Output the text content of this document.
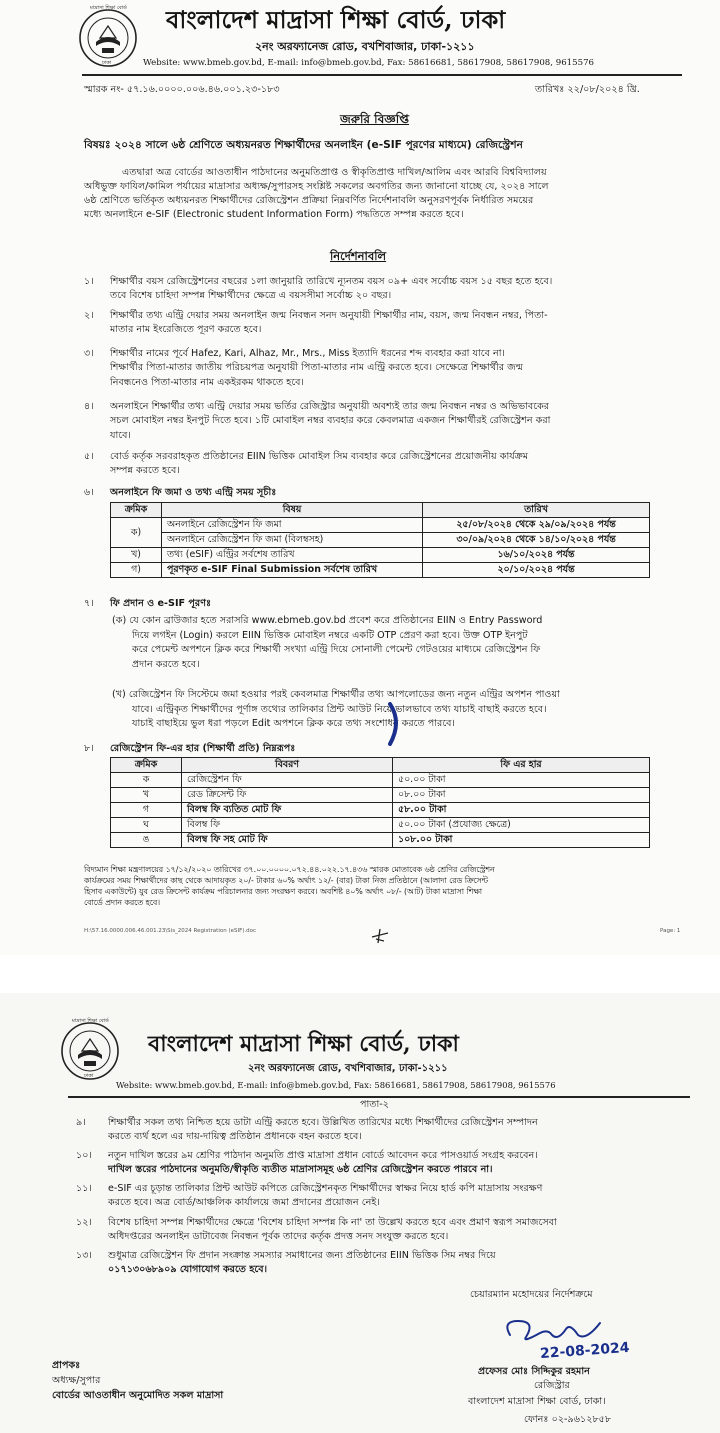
মাদ্রাসা শিক্ষা বোর্ড
ঢাকা
বাংলাদেশ মাদ্রাসা শিক্ষা বোর্ড, ঢাকা
২নং অরফ্যানেজ রোড, বখশিবাজার, ঢাকা-১২১১
Website: www.bmeb.gov.bd, E-mail: info@bmeb.gov.bd, Fax: 58616681, 58617908, 58617908, 9615576
স্মারক নং- ৫৭.১৬.০০০০.০০৬.৪৬.০০১.২৩-১৮৩	তারিখঃ ২২/০৮/২০২৪ খ্রি.
জরুরি বিজ্ঞপ্তি
বিষয়ঃ ২০২৪ সালে ৬ষ্ঠ শ্রেণিতে অধ্যয়নরত শিক্ষার্থীদের অনলাইন (e-SIF পূরণের মাধ্যমে) রেজিস্ট্রেশন
এতদ্বারা অত্র বোর্ডের আওতাধীন পাঠদানের অনুমতিপ্রাপ্ত ও স্বীকৃতিপ্রাপ্ত দাখিল/আলিম এবং আরবি বিশ্ববিদ্যালয়
অধিভুক্ত ফাযিল/কামিল পর্যায়ের মাদ্রাসার অধ্যক্ষ/সুপারসহ সংশ্লিষ্ট সকলের অবগতির জন্য জানানো যাচ্ছে যে, ২০২৪ সালে
৬ষ্ঠ শ্রেণিতে ভর্তিকৃত অধ্যয়নরত শিক্ষার্থীদের রেজিস্ট্রেশন প্রক্রিয়া নিম্নবর্ণিত নির্দেশনাবলি অনুসরণপূর্বক নির্ধারিত সময়ের
মধ্যে অনলাইনে e-SIF (Electronic student Information Form) পদ্ধতিতে সম্পন্ন করতে হবে।
নির্দেশনাবলি
১।	শিক্ষার্থীর বয়স রেজিস্ট্রেশনের বছরের ১লা জানুয়ারি তারিখে ন্যূনতম বয়স ০৯+ এবং সর্বোচ্চ বয়স ১৫ বছর হতে হবে।
তবে বিশেষ চাহিদা সম্পন্ন শিক্ষার্থীদের ক্ষেত্রে এ বয়সসীমা সর্বোচ্চ ২০ বছর।
২।	শিক্ষার্থীর তথ্য এন্ট্রি দেয়ার সময় অনলাইন জন্ম নিবন্ধন সনদ অনুযায়ী শিক্ষার্থীর নাম, বয়স, জন্ম নিবন্ধন নম্বর, পিতা-
মাতার নাম ইংরেজিতে পূরণ করতে হবে।
৩।	শিক্ষার্থীর নামের পূর্বে Hafez, Kari, Alhaz, Mr., Mrs., Miss ইত্যাদি ধরনের শব্দ ব্যবহার করা যাবে না।
শিক্ষার্থীর পিতা-মাতার জাতীয় পরিচয়পত্র অনুযায়ী পিতা-মাতার নাম এন্ট্রি করতে হবে। সেক্ষেত্রে শিক্ষার্থীর জন্ম
নিবন্ধনেও পিতা-মাতার নাম একইরকম থাকতে হবে।
৪।	অনলাইনে শিক্ষার্থীর তথ্য এন্ট্রি দেয়ার সময় ভর্তির রেজিস্ট্রার অনুযায়ী অবশ্যই তার জন্ম নিবন্ধন নম্বর ও অভিভাবকের
সচল মোবাইল নম্বর ইনপুট দিতে হবে। ১টি মোবাইল নম্বর ব্যবহার করে কেবলমাত্র একজন শিক্ষার্থীরই রেজিস্ট্রেশন করা
যাবে।
৫।	বোর্ড কর্তৃক সরবরাহকৃত প্রতিষ্ঠানের EIIN ভিত্তিক মোবাইল সিম ব্যবহার করে রেজিস্ট্রেশনের প্রয়োজনীয় কার্যক্রম
সম্পন্ন করতে হবে।
৬।	অনলাইনে ফি জমা ও তথ্য এন্ট্রি সময় সূচীঃ
ক্রমিক	বিষয়	তারিখ
ক)	অনলাইনে রেজিস্ট্রেশন ফি জমা	২৫/০৮/২০২৪ থেকে ২৯/০৯/২০২৪ পর্যন্ত
	অনলাইনে রেজিস্ট্রেশন ফি জমা (বিলম্বসহ)	৩০/০৯/২০২৪ থেকে ১৪/১০/২০২৪ পর্যন্ত
খ)	তথ্য (eSIF) এন্ট্রির সর্বশেষ তারিখ	১৬/১০/২০২৪ পর্যন্ত
গ)	পূরণকৃত e-SIF Final Submission সর্বশেষ তারিখ	২০/১০/২০২৪ পর্যন্ত
৭।	ফি প্রদান ও e-SIF পূরণঃ
(ক) যে কোন ব্রাউজার হতে সরাসরি www.ebmeb.gov.bd প্রবেশ করে প্রতিষ্ঠানের EIIN ও Entry Password
দিয়ে লগইন (Login) করলে EIIN ভিত্তিক মোবাইল নম্বরে একটি OTP প্রেরণ করা হবে। উক্ত OTP ইনপুট
করে পেমেন্ট অপশনে ক্লিক করে শিক্ষার্থী সংখ্যা এন্ট্রি দিয়ে সোনালী পেমেন্ট গেটওয়ের মাধ্যমে রেজিস্ট্রেশন ফি
প্রদান করতে হবে।
(খ) রেজিস্ট্রেশন ফি সিস্টেমে জমা হওয়ার পরই কেবলমাত্র শিক্ষার্থীর তথ্য আপলোডের জন্য নতুন এন্ট্রির অপশন পাওয়া
যাবে। এন্ট্রিকৃত শিক্ষার্থীদের পূর্ণাঙ্গ তথ্যের তালিকার প্রিন্ট আউট নিয়ে ভালভাবে তথ্য যাচাই বাছাই করতে হবে।
যাচাই বাছাইয়ে ভুল ধরা পড়লে Edit অপশনে ক্লিক করে তথ্য সংশোধন করতে পারবে।
৮।	রেজিস্ট্রেশন ফি-এর হার (শিক্ষার্থী প্রতি) নিম্নরূপঃ
ক্রমিক	বিবরণ	ফি এর হার
ক	রেজিস্ট্রেশন ফি	৫০.০০ টাকা
খ	রেড ক্রিসেন্ট ফি	০৮.০০ টাকা
গ	বিলম্ব ফি ব্যতিত মোট ফি	৫৮.০০ টাকা
ঘ	বিলম্ব ফি	৫০.০০ টাকা (প্রযোজ্য ক্ষেত্রে)
ঙ	বিলম্ব ফি সহ মোট ফি	১০৮.০০ টাকা
বিদ্যমান শিক্ষা মন্ত্রণালয়ের ১৭/১২/২০২০ তারিখের ৩৭.০০.০০০০.০৭২.৪৪.০২২.১৭.৪৩৬ স্মারক মোতাবেক ৬ষ্ঠ শ্রেণির রেজিস্ট্রেশন
কার্যক্রমের সময় শিক্ষার্থীদের কাছ থেকে আদায়কৃত ২০/- টাকার ৬০% অর্থাৎ ১২/- (বার) টাকা নিজ প্রতিষ্ঠানে (আলাদা রেড ক্রিসেন্ট
হিসাব একাউন্টে) যুব রেড ক্রিসেন্ট কার্যক্রম পরিচালনার জন্য সংরক্ষণ করবে। অবশিষ্ট ৪০% অর্থাৎ ০৮/- (আট) টাকা মাদ্রাসা শিক্ষা
বোর্ডে প্রদান করতে হবে।
H:\57.16.0000.006.46.001.23\Sis_2024 Registration (eSIF).doc	Page: 1
মাদ্রাসা শিক্ষা বোর্ড
ঢাকা
বাংলাদেশ মাদ্রাসা শিক্ষা বোর্ড, ঢাকা
২নং অরফ্যানেজ রোড, বখশিবাজার, ঢাকা-১২১১
Website: www.bmeb.gov.bd, E-mail: info@bmeb.gov.bd, Fax: 58616681, 58617908, 58617908, 9615576
পাতা-২
৯।	শিক্ষার্থীর সকল তথ্য নিশ্চিত হয়ে ডাটা এন্ট্রি করতে হবে। উল্লিখিত তারিখের মধ্যে শিক্ষার্থীদের রেজিস্ট্রেশন সম্পাদন
করতে ব্যর্থ হলে এর দায়-দায়িত্ব প্রতিষ্ঠান প্রধানকে বহন করতে হবে।
১০।	নতুন দাখিল স্তরের ৯ম শ্রেণির পাঠদান অনুমতি প্রাপ্ত মাদ্রাসা প্রধান বোর্ডে আবেদন করে পাসওয়ার্ড সংগ্রহ করবেন।
দাখিল স্তরের পাঠদানের অনুমতি/স্বীকৃতি ব্যতীত মাদ্রাসাসমূহ ৬ষ্ঠ শ্রেণির রেজিস্ট্রেশন করতে পারবে না।
১১।	e-SIF এর চূড়ান্ত তালিকার প্রিন্ট আউট কপিতে রেজিস্ট্রেশনকৃত শিক্ষার্থীদের স্বাক্ষর নিয়ে হার্ড কপি মাদ্রাসায় সংরক্ষণ
করতে হবে। অত্র বোর্ড/আঞ্চলিক কার্যালয়ে জমা প্রদানের প্রয়োজন নেই।
১২।	বিশেষ চাহিদা সম্পন্ন শিক্ষার্থীদের ক্ষেত্রে 'বিশেষ চাহিদা সম্পন্ন কি না' তা উল্লেখ করতে হবে এবং প্রমাণ স্বরূপ সমাজসেবা
অধিদপ্তরের অনলাইন ডাটাবেজ নিবন্ধন পূর্বক তাদের কর্তৃক প্রদত্ত সনদ সংযুক্ত করতে হবে।
১৩।	শুধুমাত্র রেজিস্ট্রেশন ফি প্রদান সংক্রান্ত সমস্যার সমাধানের জন্য প্রতিষ্ঠানের EIIN ভিত্তিক সিম নম্বর দিয়ে
০১৭১৩০৬৮৯০৯ যোগাযোগ করতে হবে।
চেয়ারম্যান মহোদয়ের নির্দেশক্রমে
22-08-2024
প্রফেসর মোঃ সিদ্দিকুর রহমান
রেজিস্ট্রার
বাংলাদেশ মাদ্রাসা শিক্ষা বোর্ড, ঢাকা।
ফোনঃ ০২-৯৬১২৮৫৮
প্রাপকঃ
অধ্যক্ষ/সুপার
বোর্ডের আওতাধীন অনুমোদিত সকল মাদ্রাসা
